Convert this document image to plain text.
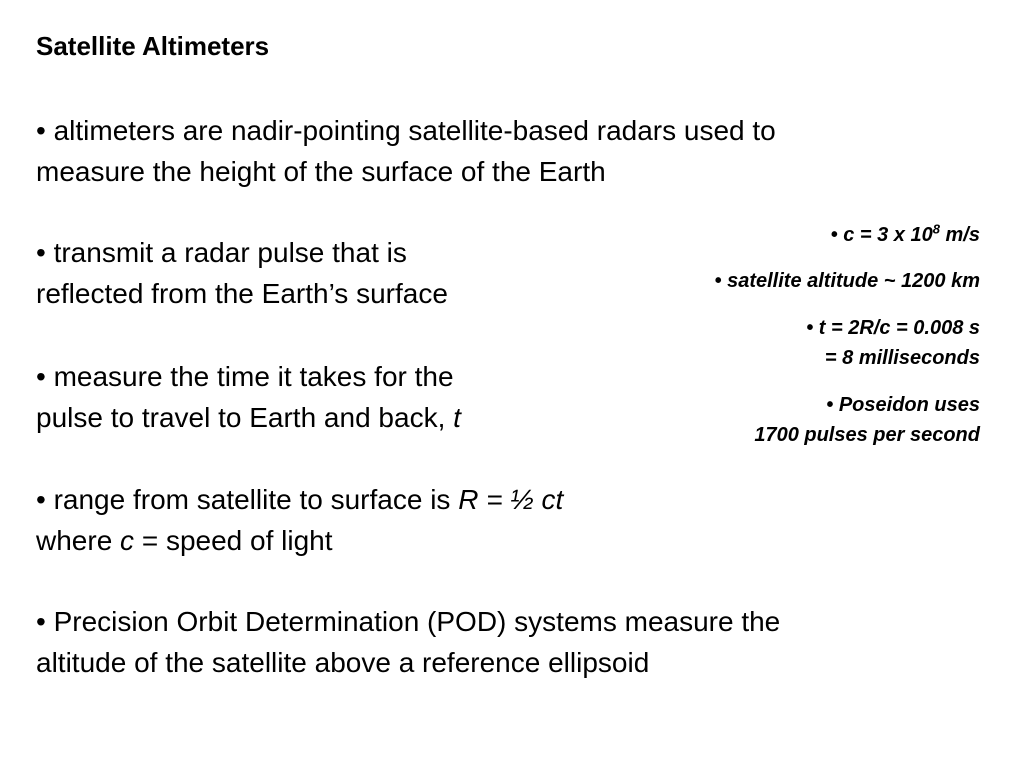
Satellite Altimeters
• altimeters are nadir-pointing satellite-based radars used to
measure the height of the surface of the Earth
• transmit a radar pulse that is
reflected from the Earth’s surface
• measure the time it takes for the
pulse to travel to Earth and back, t
• range from satellite to surface is R = ½ ct
where c = speed of light
• Precision Orbit Determination (POD) systems measure the
altitude of the satellite above a reference ellipsoid
• c = 3 x $10^8$ m/s
• satellite altitude ~ 1200 km
• t = 2R/c = 0.008 s
= 8 milliseconds
• Poseidon uses
1700 pulses per second
